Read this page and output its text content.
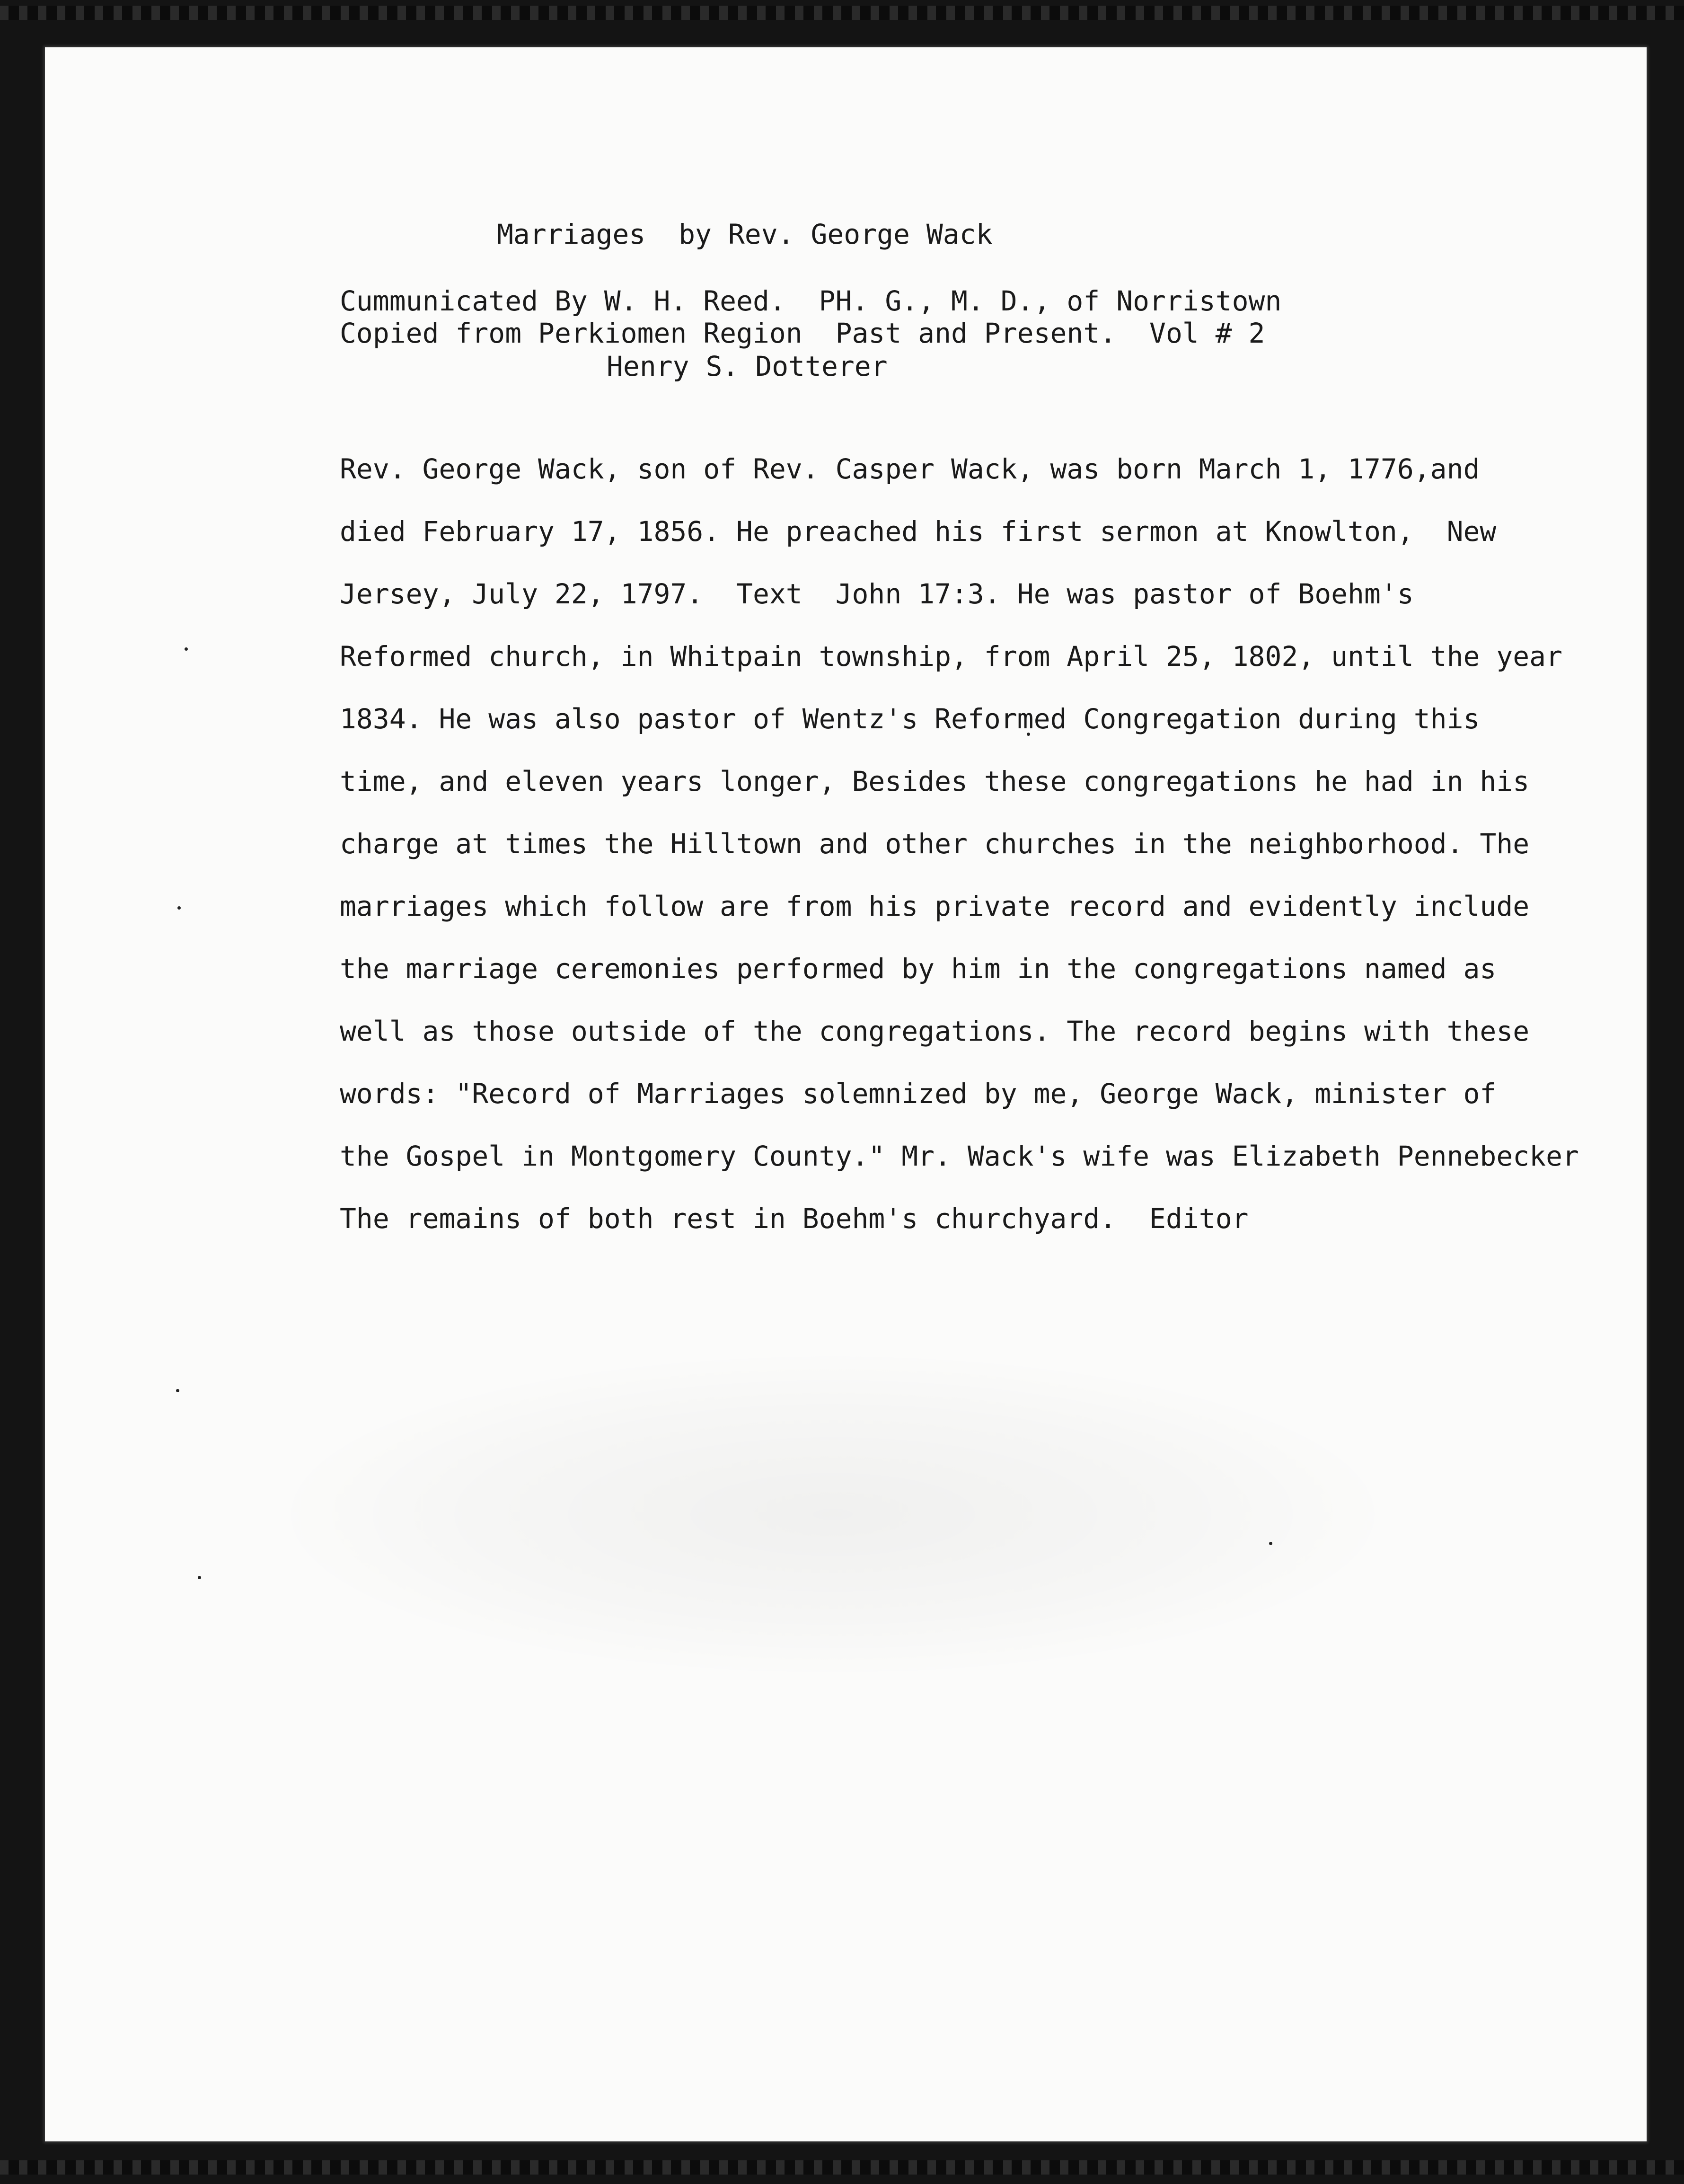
Marriages  by Rev. George Wack

Cummunicated By W. H. Reed.  PH. G., M. D., of Norristown

Copied from Perkiomen Region  Past and Present.  Vol # 2

Henry S. Dotterer

Rev. George Wack, son of Rev. Casper Wack, was born March 1, 1776,and
died February 17, 1856. He preached his first sermon at Knowlton,  New
Jersey, July 22, 1797.  Text  John 17:3. He was pastor of Boehm's
Reformed church, in Whitpain township, from April 25, 1802, until the year
1834. He was also pastor of Wentz's Reformed Congregation during this
time, and eleven years longer, Besides these congregations he had in his
charge at times the Hilltown and other churches in the neighborhood. The
marriages which follow are from his private record and evidently include
the marriage ceremonies performed by him in the congregations named as
well as those outside of the congregations. The record begins with these
words: "Record of Marriages solemnized by me, George Wack, minister of
the Gospel in Montgomery County." Mr. Wack's wife was Elizabeth Pennebecker
The remains of both rest in Boehm's churchyard.  Editor
